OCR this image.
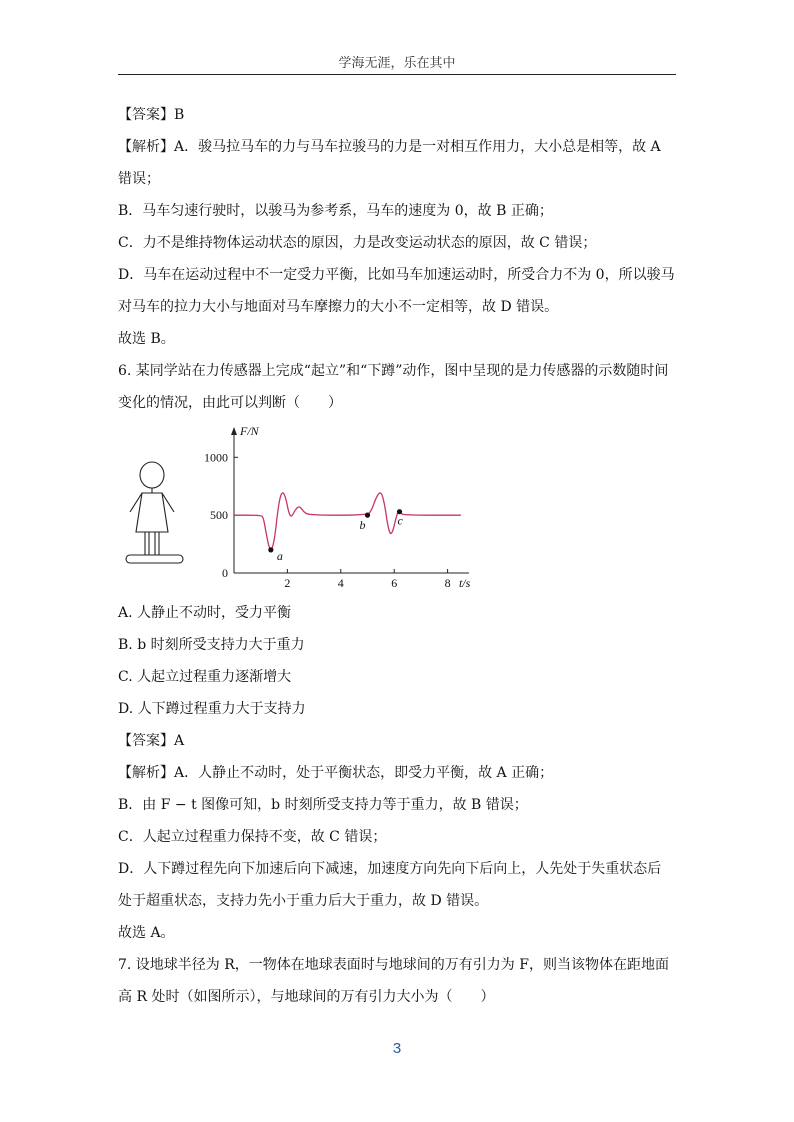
学海无涯，乐在其中

【答案】B

【解析】A．骏马拉马车的力与马车拉骏马的力是一对相互作用力，大小总是相等，故 A

错误；

B．马车匀速行驶时，以骏马为参考系，马车的速度为 0，故 B 正确；

C．力不是维持物体运动状态的原因，力是改变运动状态的原因，故 C 错误；

D．马车在运动过程中不一定受力平衡，比如马车加速运动时，所受合力不为 0，所以骏马

对马车的拉力大小与地面对马车摩擦力的大小不一定相等，故 D 错误。

故选 B。

6. 某同学站在力传感器上完成“起立”和“下蹲”动作，图中呈现的是力传感器的示数随时间

变化的情况，由此可以判断（　　）

0
500
1000
2	4	6	8
F/N
t/s
a
b	c

A. 人静止不动时，受力平衡

B. b 时刻所受支持力大于重力

C. 人起立过程重力逐渐增大

D. 人下蹲过程重力大于支持力

【答案】A

【解析】A．人静止不动时，处于平衡状态，即受力平衡，故 A 正确；

B．由 F − t 图像可知，b 时刻所受支持力等于重力，故 B 错误；

C．人起立过程重力保持不变，故 C 错误；

D．人下蹲过程先向下加速后向下减速，加速度方向先向下后向上，人先处于失重状态后

处于超重状态，支持力先小于重力后大于重力，故 D 错误。

故选 A。

7. 设地球半径为 R，一物体在地球表面时与地球间的万有引力为 F，则当该物体在距地面

高 R 处时（如图所示），与地球间的万有引力大小为（　　）

3
